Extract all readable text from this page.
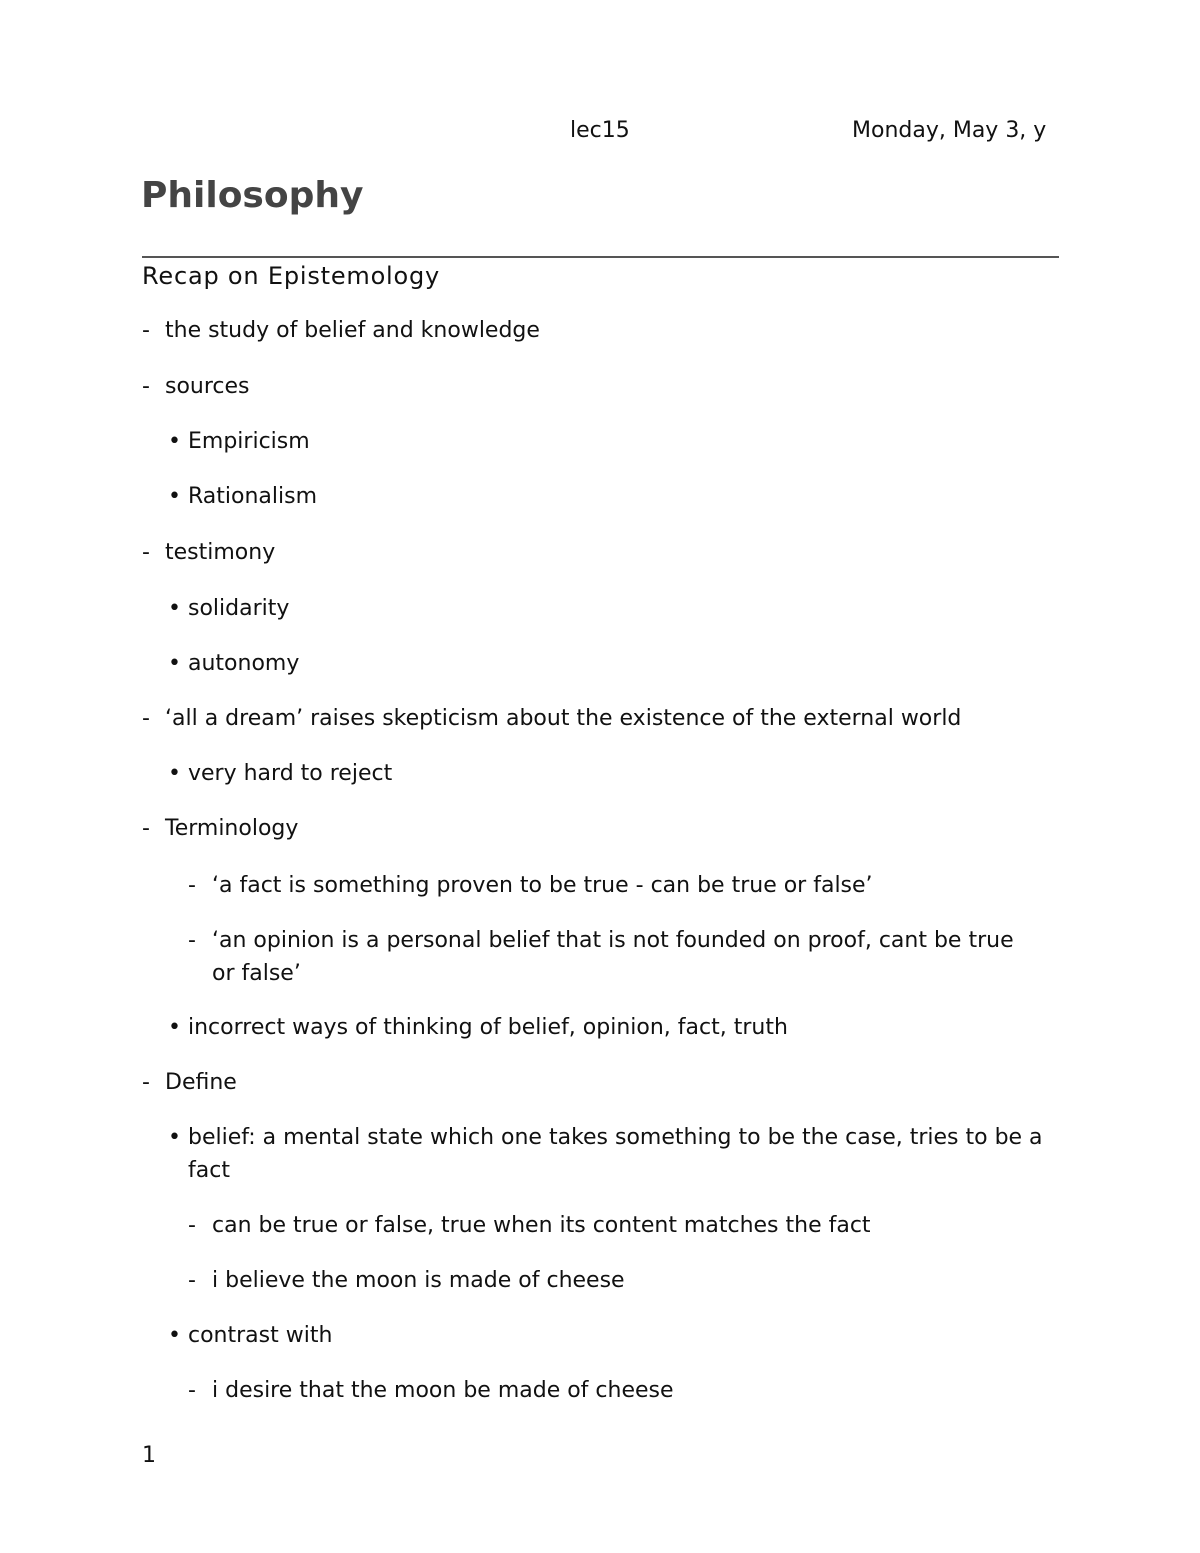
lec15	Monday, May 3, y
Philosophy
Recap on Epistemology
- the study of belief and knowledge
- sources
• Empiricism
• Rationalism
- testimony
• solidarity
• autonomy
- ‘all a dream’ raises skepticism about the existence of the external world
• very hard to reject
- Terminology
- ‘a fact is something proven to be true - can be true or false’
- ‘an opinion is a personal belief that is not founded on proof, cant be true or false’
• incorrect ways of thinking of belief, opinion, fact, truth
- Define
• belief: a mental state which one takes something to be the case, tries to be a fact
- can be true or false, true when its content matches the fact
- i believe the moon is made of cheese
• contrast with
- i desire that the moon be made of cheese
1
